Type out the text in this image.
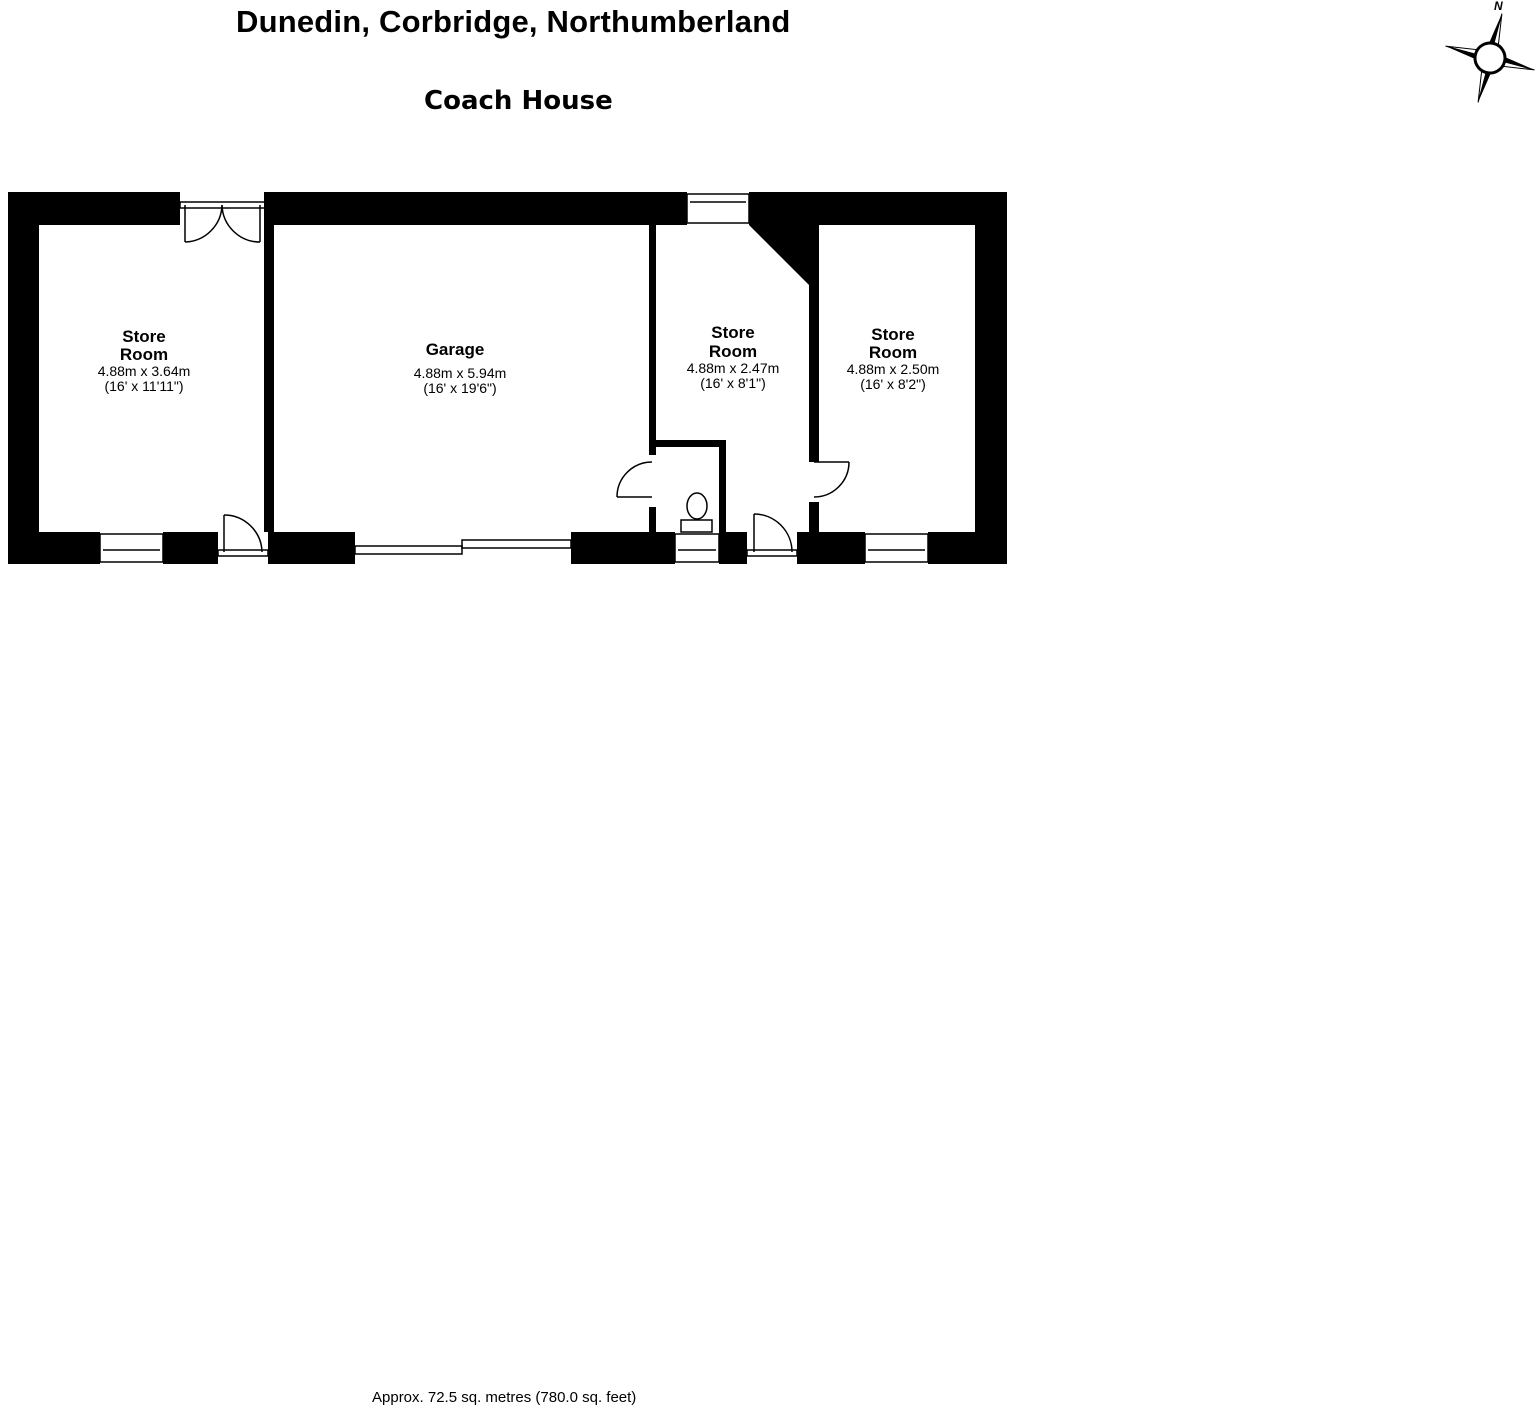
Dunedin, Corbridge, Northumberland
Coach House
N
Store
Room
4.88m x 3.64m
(16' x 11'11")
Garage
4.88m x 5.94m
(16' x 19'6")
Store
Room
4.88m x 2.47m
(16' x 8'1")
Store
Room
4.88m x 2.50m
(16' x 8'2")
Approx. 72.5 sq. metres (780.0 sq. feet)
